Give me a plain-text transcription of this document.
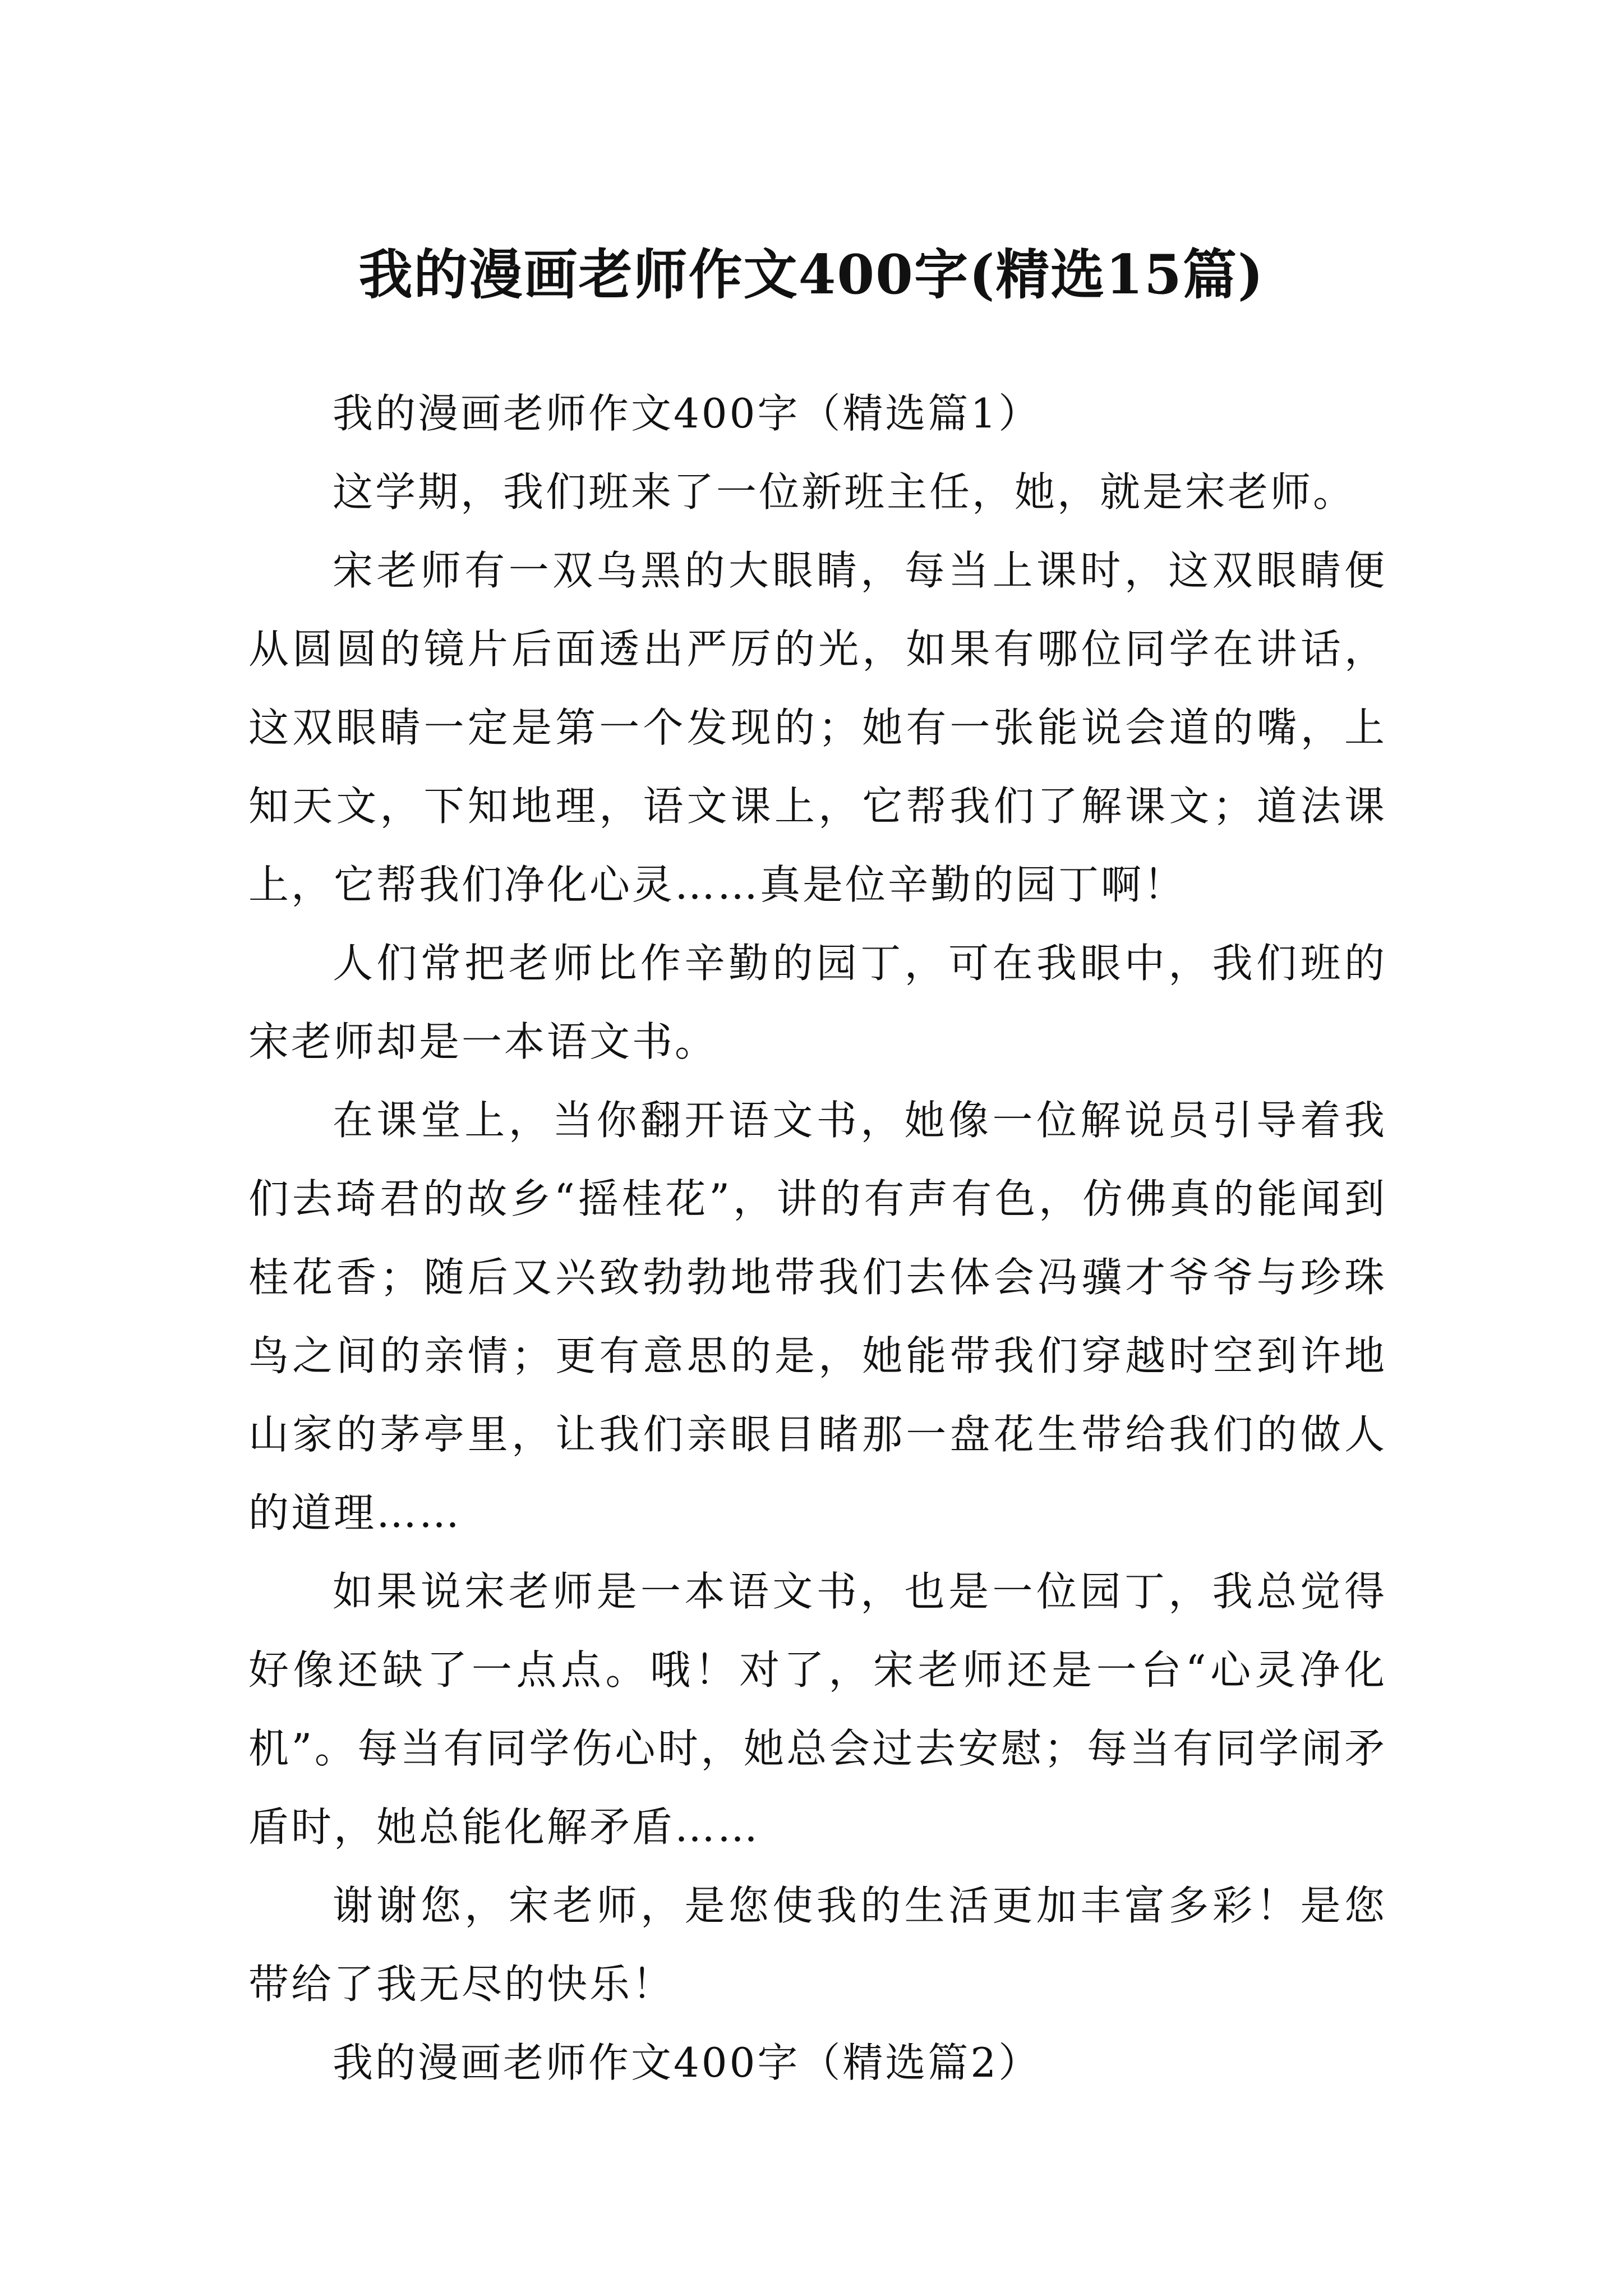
我的漫画老师作文400字(精选15篇)

我的漫画老师作文400字（精选篇1）

这学期，我们班来了一位新班主任，她，就是宋老师。

宋老师有一双乌黑的大眼睛，每当上课时，这双眼睛便从圆圆的镜片后面透出严厉的光，如果有哪位同学在讲话，这双眼睛一定是第一个发现的；她有一张能说会道的嘴，上知天文，下知地理，语文课上，它帮我们了解课文；道法课上，它帮我们净化心灵……真是位辛勤的园丁啊！

人们常把老师比作辛勤的园丁，可在我眼中，我们班的宋老师却是一本语文书。

在课堂上，当你翻开语文书，她像一位解说员引导着我们去琦君的故乡“摇桂花”，讲的有声有色，仿佛真的能闻到桂花香；随后又兴致勃勃地带我们去体会冯骥才爷爷与珍珠鸟之间的亲情；更有意思的是，她能带我们穿越时空到许地山家的茅亭里，让我们亲眼目睹那一盘花生带给我们的做人的道理……

如果说宋老师是一本语文书，也是一位园丁，我总觉得好像还缺了一点点。哦！对了，宋老师还是一台“心灵净化机”。每当有同学伤心时，她总会过去安慰；每当有同学闹矛盾时，她总能化解矛盾……

谢谢您，宋老师，是您使我的生活更加丰富多彩！是您带给了我无尽的快乐！

我的漫画老师作文400字（精选篇2）
